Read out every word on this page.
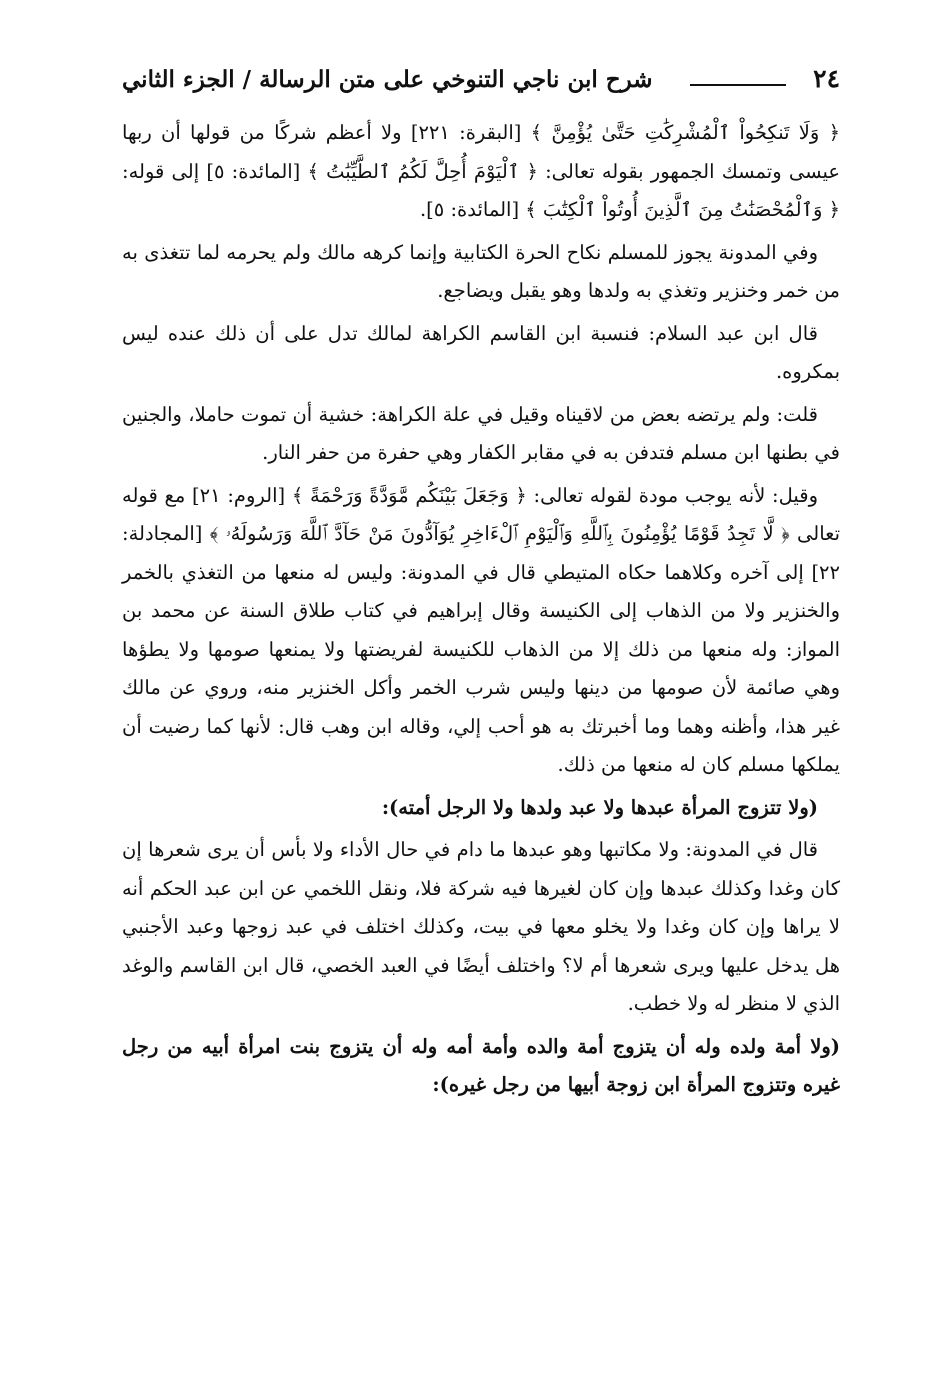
٢٤
شرح ابن ناجي التنوخي على متن الرسالة / الجزء الثاني

﴿ وَلَا تَنكِحُواْ ٱلْمُشْرِكَٰتِ حَتَّىٰ يُؤْمِنَّ ﴾ [البقرة: ٢٢١] ولا أعظم شركًا من قولها أن ربها عيسى وتمسك الجمهور بقوله تعالى: ﴿ ٱلْيَوْمَ أُحِلَّ لَكُمُ ٱلطَّيِّبَٰتُ ﴾ [المائدة: ٥] إلى قوله: ﴿ وَٱلْمُحْصَنَٰتُ مِنَ ٱلَّذِينَ أُوتُواْ ٱلْكِتَٰبَ ﴾ [المائدة: ٥].

وفي المدونة يجوز للمسلم نكاح الحرة الكتابية وإنما كرهه مالك ولم يحرمه لما تتغذى به من خمر وخنزير وتغذي به ولدها وهو يقبل ويضاجع.

قال ابن عبد السلام: فنسبة ابن القاسم الكراهة لمالك تدل على أن ذلك عنده ليس بمكروه.

قلت: ولم يرتضه بعض من لاقيناه وقيل في علة الكراهة: خشية أن تموت حاملا، والجنين في بطنها ابن مسلم فتدفن به في مقابر الكفار وهي حفرة من حفر النار.

وقيل: لأنه يوجب مودة لقوله تعالى: ﴿ وَجَعَلَ بَيْنَكُم مَّوَدَّةً وَرَحْمَةً ﴾ [الروم: ٢١] مع قوله تعالى ﴿ لَّا تَجِدُ قَوْمًا يُؤْمِنُونَ بِٱللَّهِ وَٱلْيَوْمِ ٱلْءَاخِرِ يُوَآدُّونَ مَنْ حَآدَّ ٱللَّهَ وَرَسُولَهُۥ ﴾ [المجادلة: ٢٢] إلى آخره وكلاهما حكاه المتيطي قال في المدونة: وليس له منعها من التغذي بالخمر والخنزير ولا من الذهاب إلى الكنيسة وقال إبراهيم في كتاب طلاق السنة عن محمد بن المواز: وله منعها من ذلك إلا من الذهاب للكنيسة لفريضتها ولا يمنعها صومها ولا يطؤها وهي صائمة لأن صومها من دينها وليس شرب الخمر وأكل الخنزير منه، وروي عن مالك غير هذا، وأظنه وهما وما أخبرتك به هو أحب إلي، وقاله ابن وهب قال: لأنها كما رضيت أن يملكها مسلم كان له منعها من ذلك.

(ولا تتزوج المرأة عبدها ولا عبد ولدها ولا الرجل أمته):

قال في المدونة: ولا مكاتبها وهو عبدها ما دام في حال الأداء ولا بأس أن يرى شعرها إن كان وغدا وكذلك عبدها وإن كان لغيرها فيه شركة فلا، ونقل اللخمي عن ابن عبد الحكم أنه لا يراها وإن كان وغدا ولا يخلو معها في بيت، وكذلك اختلف في عبد زوجها وعبد الأجنبي هل يدخل عليها ويرى شعرها أم لا؟ واختلف أيضًا في العبد الخصي، قال ابن القاسم والوغد الذي لا منظر له ولا خطب.

(ولا أمة ولده وله أن يتزوج أمة والده وأمة أمه وله أن يتزوج بنت امرأة أبيه من رجل غيره وتتزوج المرأة ابن زوجة أبيها من رجل غيره):
